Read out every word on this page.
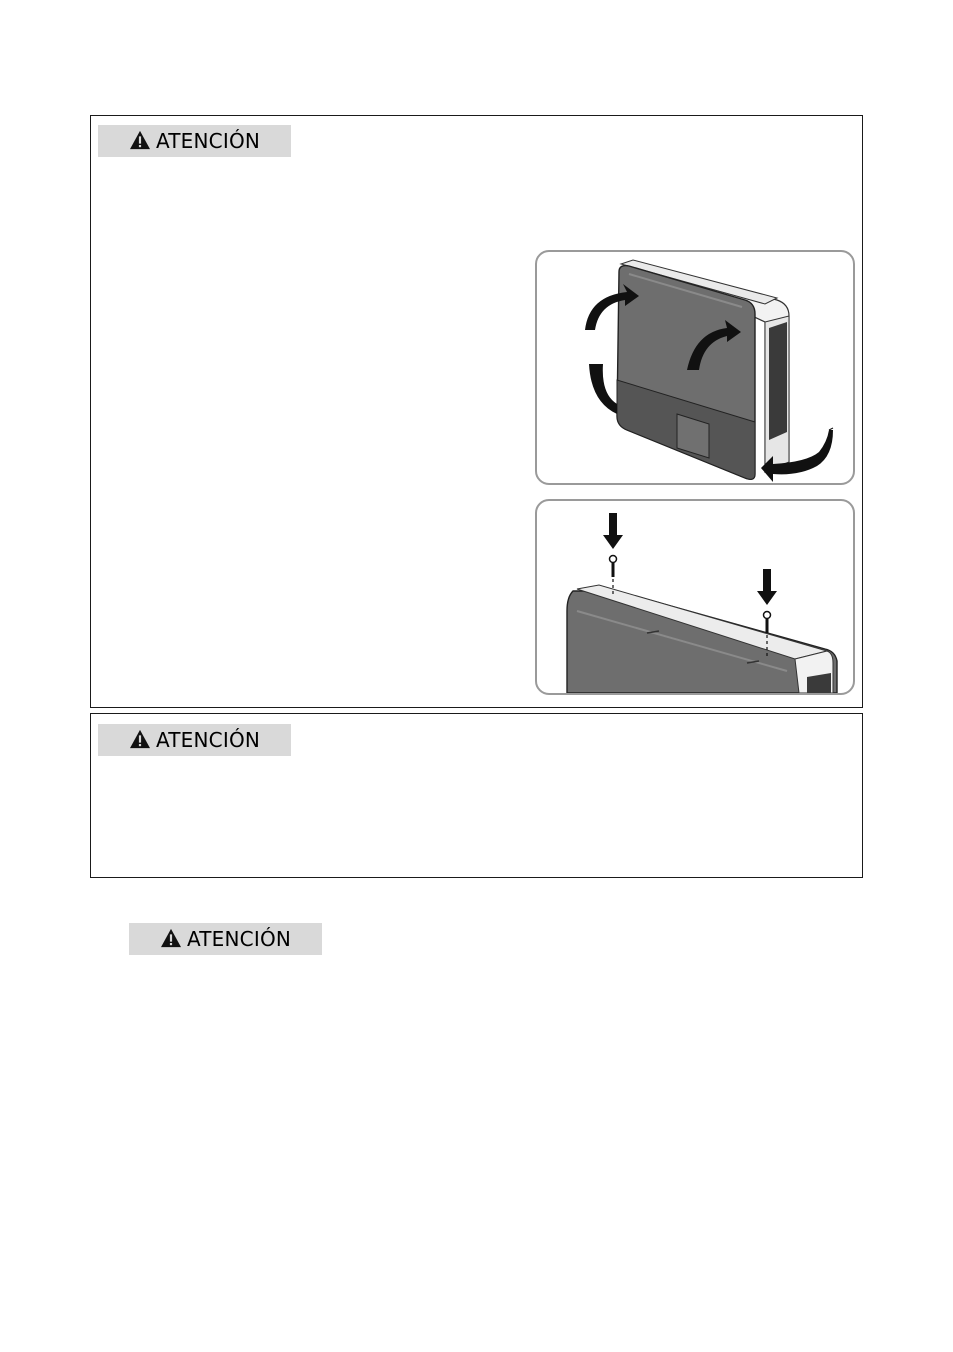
ATENCIÓN
ATENCIÓN
ATENCIÓN
